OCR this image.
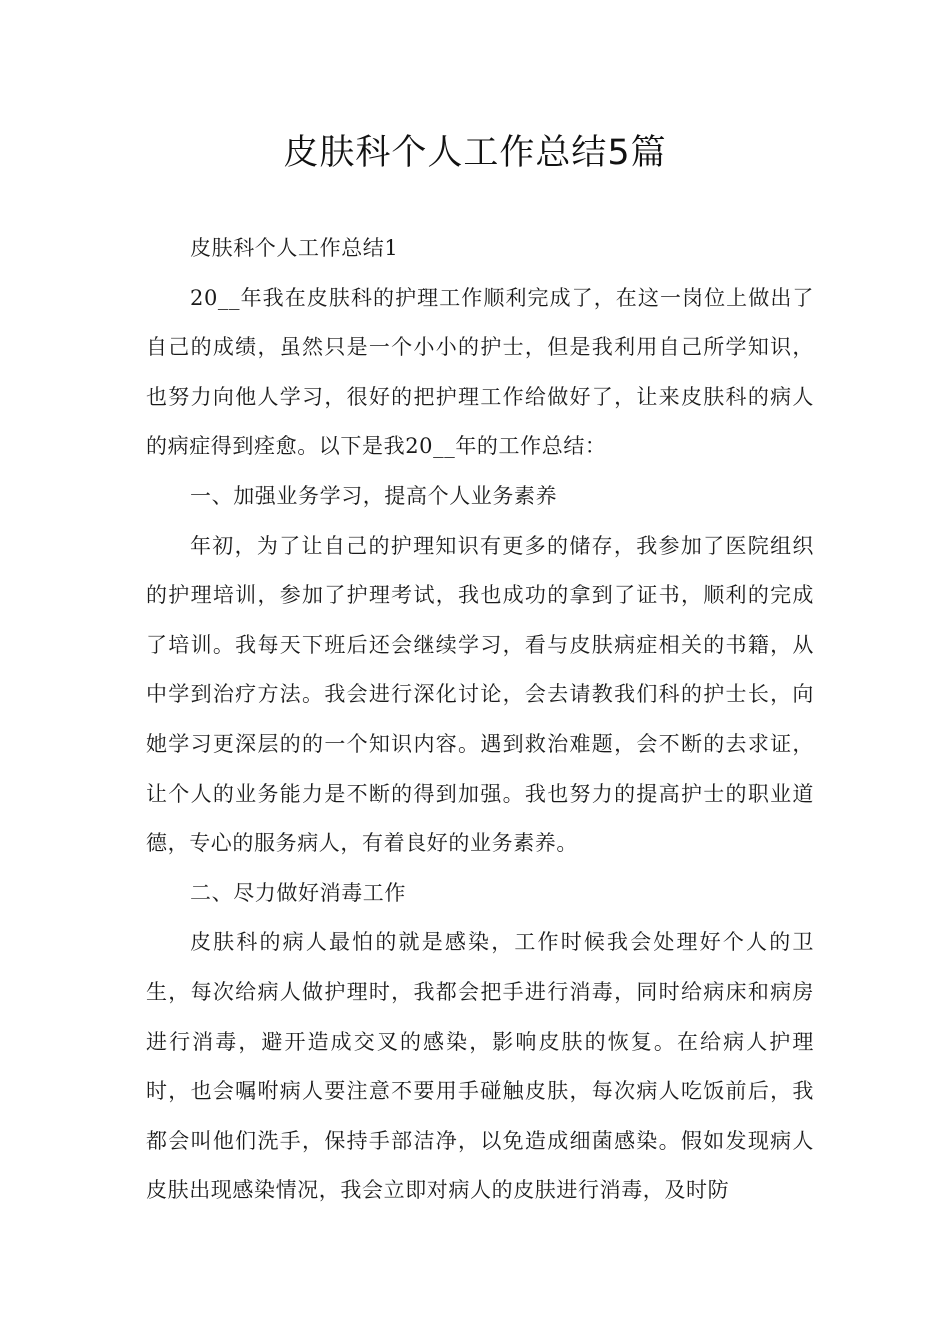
皮肤科个人工作总结5篇

皮肤科个人工作总结1

20__年我在皮肤科的护理工作顺利完成了，在这一岗位上做出了自己的成绩，虽然只是一个小小的护士，但是我利用自己所学知识，也努力向他人学习，很好的把护理工作给做好了，让来皮肤科的病人的病症得到痊愈。以下是我20__年的工作总结：

一、加强业务学习，提高个人业务素养

年初，为了让自己的护理知识有更多的储存，我参加了医院组织的护理培训，参加了护理考试，我也成功的拿到了证书，顺利的完成了培训。我每天下班后还会继续学习，看与皮肤病症相关的书籍，从中学到治疗方法。我会进行深化讨论，会去请教我们科的护士长，向她学习更深层的的一个知识内容。遇到救治难题，会不断的去求证，让个人的业务能力是不断的得到加强。我也努力的提高护士的职业道德，专心的服务病人，有着良好的业务素养。

二、尽力做好消毒工作

皮肤科的病人最怕的就是感染，工作时候我会处理好个人的卫生，每次给病人做护理时，我都会把手进行消毒，同时给病床和病房进行消毒，避开造成交叉的感染，影响皮肤的恢复。在给病人护理时，也会嘱咐病人要注意不要用手碰触皮肤，每次病人吃饭前后，我都会叫他们洗手，保持手部洁净，以免造成细菌感染。假如发现病人皮肤出现感染情况，我会立即对病人的皮肤进行消毒，及时防
